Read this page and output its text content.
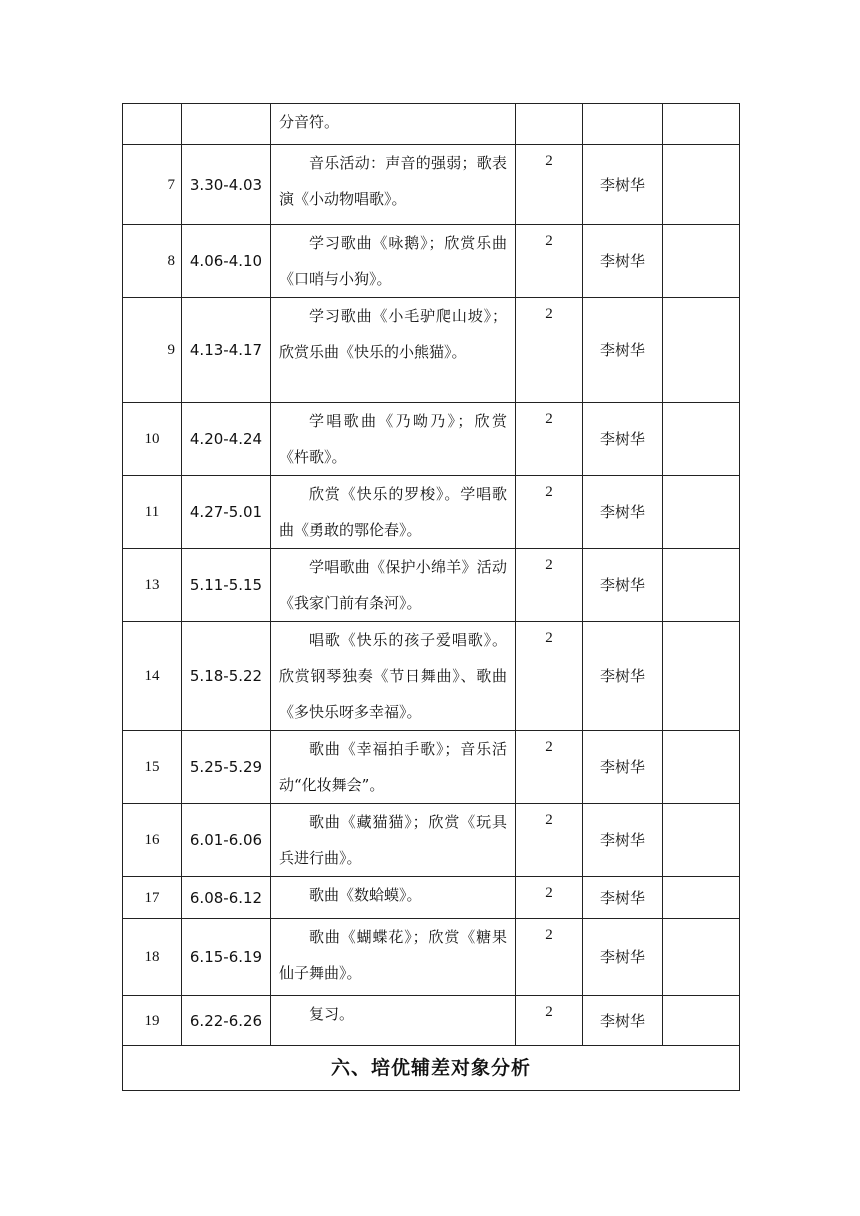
		分音符。			

7	3.30-4.03	音乐活动：声音的强弱；歌表演《小动物唱歌》。	2	李树华	
8	4.06-4.10	学习歌曲《咏鹅》；欣赏乐曲《口哨与小狗》。	2	李树华	
9	4.13-4.17	学习歌曲《小毛驴爬山坡》；欣赏乐曲《快乐的小熊猫》。	2	李树华	
10	4.20-4.24	学唱歌曲《乃呦乃》；欣赏《杵歌》。	2	李树华	
11	4.27-5.01	欣赏《快乐的罗梭》。学唱歌曲《勇敢的鄂伦春》。	2	李树华	
13	5.11-5.15	学唱歌曲《保护小绵羊》活动《我家门前有条河》。	2	李树华	
14	5.18-5.22	唱歌《快乐的孩子爱唱歌》。欣赏钢琴独奏《节日舞曲》、歌曲《多快乐呀多幸福》。	2	李树华	
15	5.25-5.29	歌曲《幸福拍手歌》；音乐活动“化妆舞会”。	2	李树华	
16	6.01-6.06	歌曲《藏猫猫》；欣赏《玩具兵进行曲》。	2	李树华	
17	6.08-6.12	歌曲《数蛤蟆》。	2	李树华	
18	6.15-6.19	歌曲《蝴蝶花》；欣赏《糖果仙子舞曲》。	2	李树华	
19	6.22-6.26	复习。	2	李树华	
六、培优辅差对象分析					
